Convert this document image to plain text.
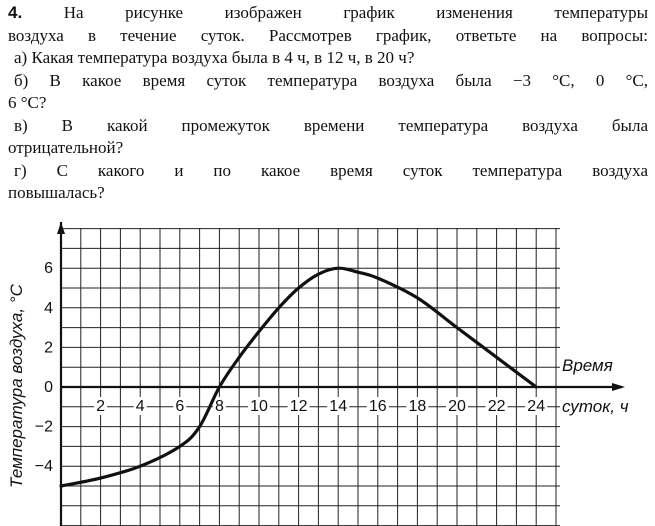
4. На рисунке изображен график изменения температуры
воздуха в течение суток. Рассмотрев график, ответьте на вопросы:
а) Какая температура воздуха была в 4 ч, в 12 ч, в 20 ч?
б) В какое время суток температура воздуха была −3 °С, 0 °С,
6 °С?
в) В какой промежуток времени температура воздуха была
отрицательной?
г) С какого и по какое время суток температура воздуха
повышалась?
2 4 6 8 10 12 14 16 18 20 22 24
6
4
2
0
−2
−4
Время
суток, ч
Температура воздуха, °С
